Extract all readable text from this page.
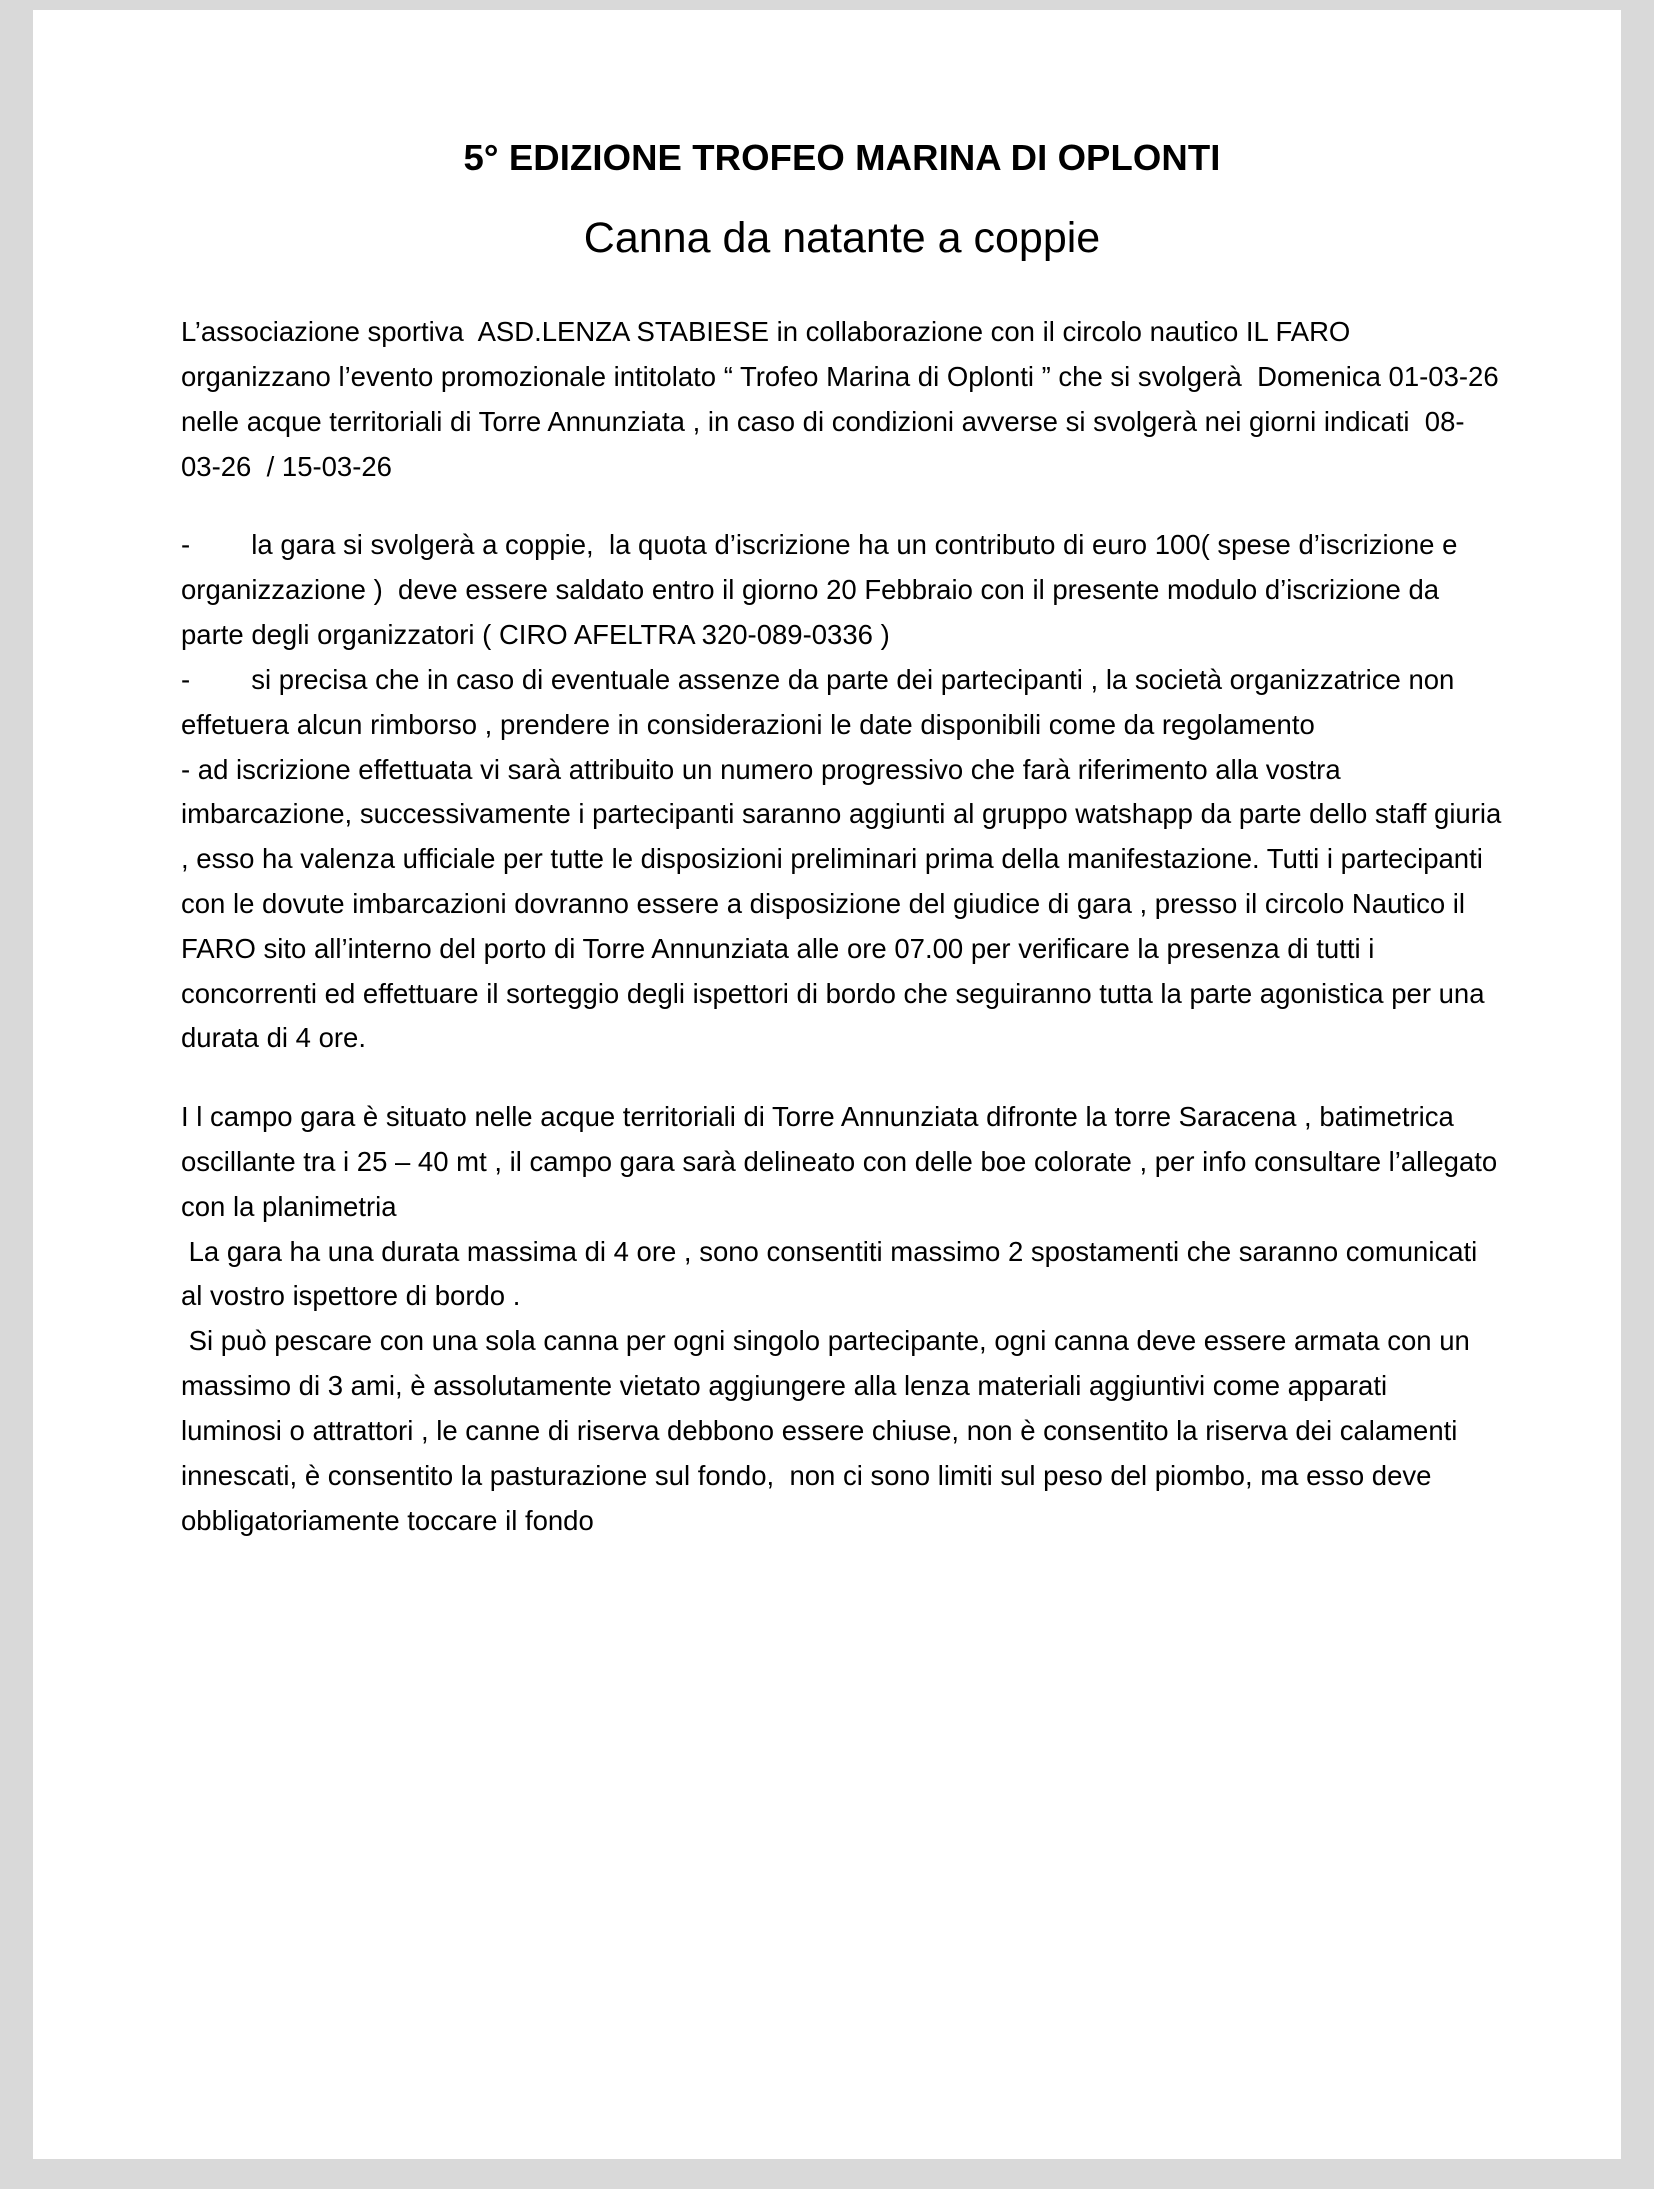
5° EDIZIONE TROFEO MARINA DI OPLONTI
Canna da natante a coppie

L’associazione sportiva  ASD.LENZA STABIESE in collaborazione con il circolo nautico IL FARO organizzano l’evento promozionale intitolato “ Trofeo Marina di Oplonti ” che si svolgerà  Domenica 01-03-26 nelle acque territoriali di Torre Annunziata , in caso di condizioni avverse si svolgerà nei giorni indicati  08-03-26  / 15-03-26

-        la gara si svolgerà a coppie,  la quota d’iscrizione ha un contributo di euro 100( spese d’iscrizione e organizzazione )  deve essere saldato entro il giorno 20 Febbraio con il presente modulo d’iscrizione da parte degli organizzatori ( CIRO AFELTRA 320-089-0336 )

-        si precisa che in caso di eventuale assenze da parte dei partecipanti , la società organizzatrice non effetuera alcun rimborso , prendere in considerazioni le date disponibili come da regolamento

- ad iscrizione effettuata vi sarà attribuito un numero progressivo che farà riferimento alla vostra imbarcazione, successivamente i partecipanti saranno aggiunti al gruppo watshapp da parte dello staff giuria , esso ha valenza ufficiale per tutte le disposizioni preliminari prima della manifestazione. Tutti i partecipanti  con le dovute imbarcazioni dovranno essere a disposizione del giudice di gara , presso il circolo Nautico il FARO sito all’interno del porto di Torre Annunziata alle ore 07.00 per verificare la presenza di tutti i concorrenti ed effettuare il sorteggio degli ispettori di bordo che seguiranno tutta la parte agonistica per una durata di 4 ore.

I l campo gara è situato nelle acque territoriali di Torre Annunziata difronte la torre Saracena , batimetrica oscillante tra i 25 – 40 mt , il campo gara sarà delineato con delle boe colorate , per info consultare l’allegato con la planimetria

La gara ha una durata massima di 4 ore , sono consentiti massimo 2 spostamenti che saranno comunicati al vostro ispettore di bordo .

Si può pescare con una sola canna per ogni singolo partecipante, ogni canna deve essere armata con un massimo di 3 ami, è assolutamente vietato aggiungere alla lenza materiali aggiuntivi come apparati  luminosi o attrattori , le canne di riserva debbono essere chiuse, non è consentito la riserva dei calamenti innescati, è consentito la pasturazione sul fondo,  non ci sono limiti sul peso del piombo, ma esso deve obbligatoriamente toccare il fondo
